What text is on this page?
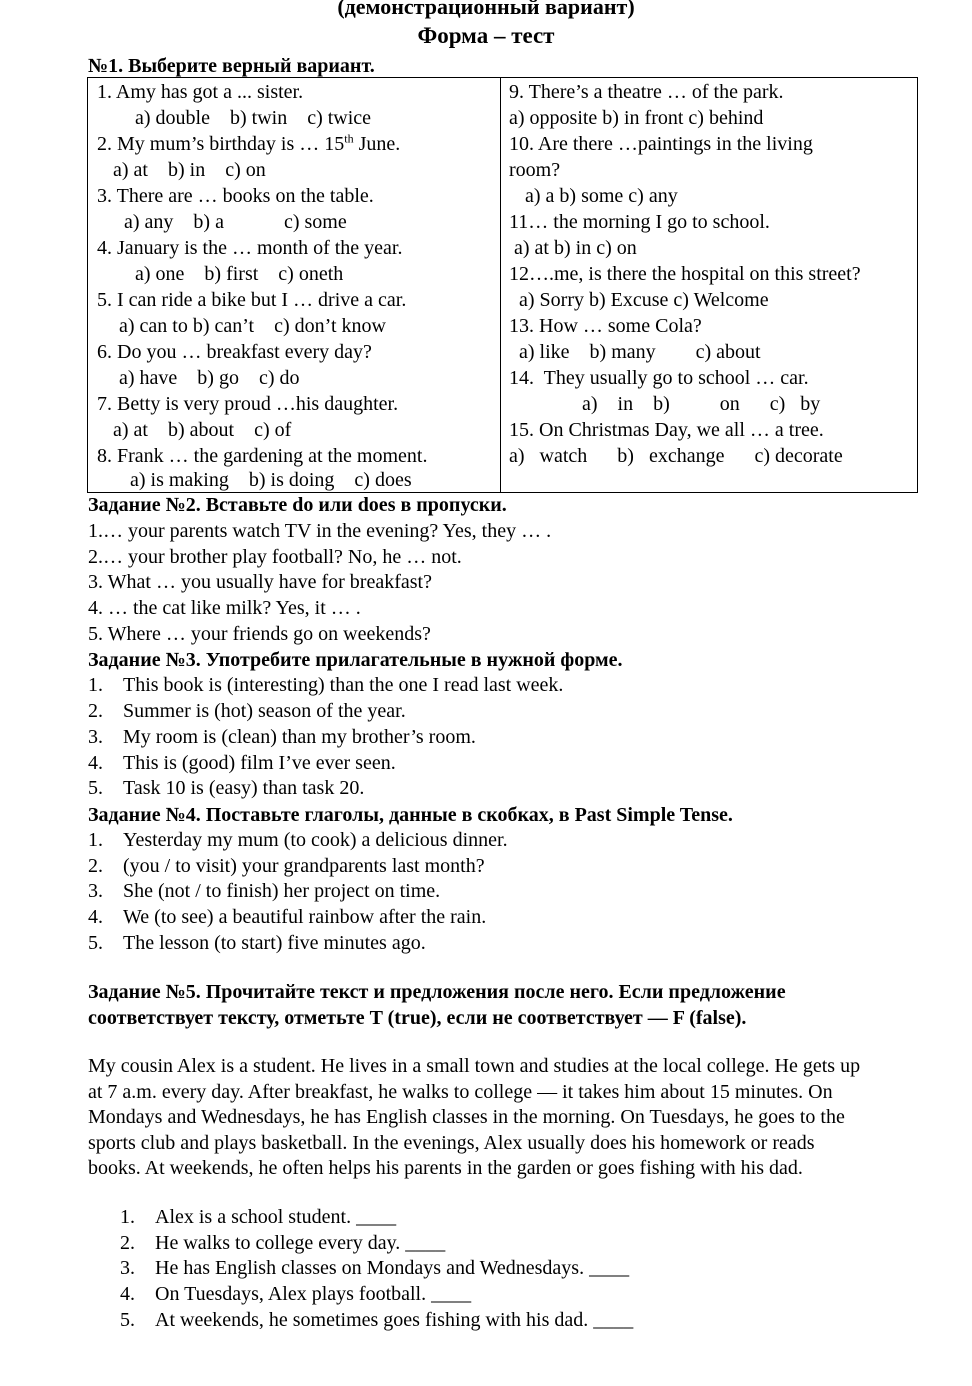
(демонстрационный вариант)
Форма – тест
№1. Выберите верный вариант.
1. Amy has got a ... sister.
a) double    b) twin    c) twice
2. My mum’s birthday is … 15th June.
a) at    b) in    c) on
3. There are … books on the table.
a) any    b) a            c) some
4. January is the … month of the year.
a) one    b) first    c) oneth
5. I can ride a bike but I … drive a car.
a) can to b) can’t    c) don’t know
6. Do you … breakfast every day?
a) have    b) go    c) do
7. Betty is very proud …his daughter.
a) at    b) about    c) of
8. Frank … the gardening at the moment.
a) is making    b) is doing    c) does

9. There’s a theatre … of the park.
a) opposite b) in front c) behind
10. Are there …paintings in the living
room?
a) a b) some c) any
11… the morning I go to school.
a) at b) in c) on
12….me, is there the hospital on this street?
a) Sorry b) Excuse c) Welcome
13. How … some Cola?
a) like    b) many        c) about
14.  They usually go to school … car.
a)    in    b)          on      c)   by
15. On Christmas Day, we all … a tree.
a)   watch      b)   exchange      c) decorate
Задание №2. Вставьте do или does в пропуски.
1.… your parents watch TV in the evening? Yes, they … .
2.… your brother play football? No, he … not.
3. What … you usually have for breakfast?
4. … the cat like milk? Yes, it … .
5. Where … your friends go on weekends?
Задание №3. Употребите прилагательные в нужной форме.
1. This book is (interesting) than the one I read last week.
2. Summer is (hot) season of the year.
3. My room is (clean) than my brother’s room.
4. This is (good) film I’ve ever seen.
5. Task 10 is (easy) than task 20.
Задание №4. Поставьте глаголы, данные в скобках, в Past Simple Tense.
1. Yesterday my mum (to cook) a delicious dinner.
2. (you / to visit) your grandparents last month?
3. She (not / to finish) her project on time.
4. We (to see) a beautiful rainbow after the rain.
5. The lesson (to start) five minutes ago.
Задание №5. Прочитайте текст и предложения после него. Если предложение
соответствует тексту, отметьте T (true), если не соответствует — F (false).
My cousin Alex is a student. He lives in a small town and studies at the local college. He gets up
at 7 a.m. every day. After breakfast, he walks to college — it takes him about 15 minutes. On
Mondays and Wednesdays, he has English classes in the morning. On Tuesdays, he goes to the
sports club and plays basketball. In the evenings, Alex usually does his homework or reads
books. At weekends, he often helps his parents in the garden or goes fishing with his dad.
1. Alex is a school student. ____
2. He walks to college every day. ____
3. He has English classes on Mondays and Wednesdays. ____
4. On Tuesdays, Alex plays football. ____
5. At weekends, he sometimes goes fishing with his dad. ____
